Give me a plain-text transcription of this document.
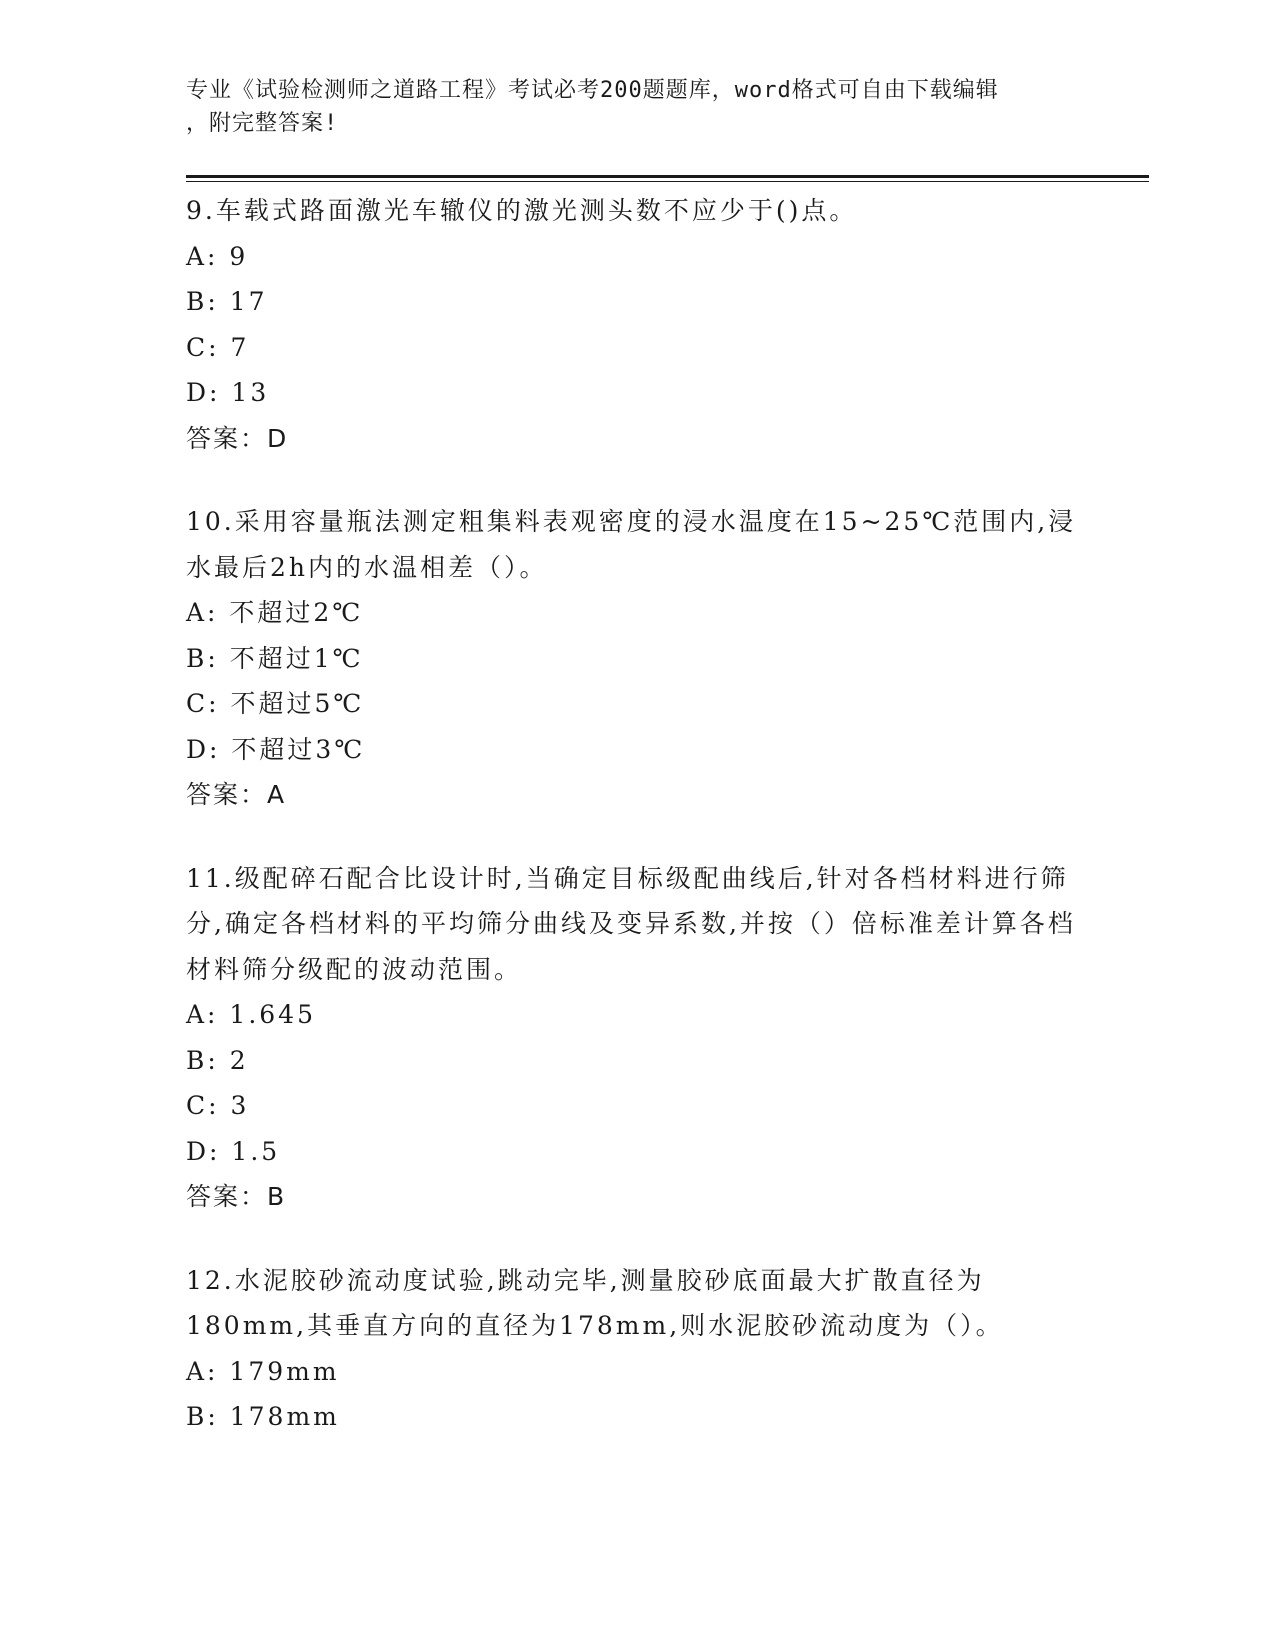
专业《试验检测师之道路工程》考试必考200题题库，word格式可自由下载编辑
，附完整答案!
9.车载式路面激光车辙仪的激光测头数不应少于()点。
A: 9
B: 17
C: 7
D: 13
答案：D
10.采用容量瓶法测定粗集料表观密度的浸水温度在15~25℃范围内,浸水最后2h内的水温相差（）。
A: 不超过2℃
B: 不超过1℃
C: 不超过5℃
D: 不超过3℃
答案：A
11.级配碎石配合比设计时,当确定目标级配曲线后,针对各档材料进行筛分,确定各档材料的平均筛分曲线及变异系数,并按（）倍标准差计算各档材料筛分级配的波动范围。
A: 1.645
B: 2
C: 3
D: 1.5
答案：B
12.水泥胶砂流动度试验,跳动完毕,测量胶砂底面最大扩散直径为180mm,其垂直方向的直径为178mm,则水泥胶砂流动度为（）。
A: 179mm
B: 178mm
